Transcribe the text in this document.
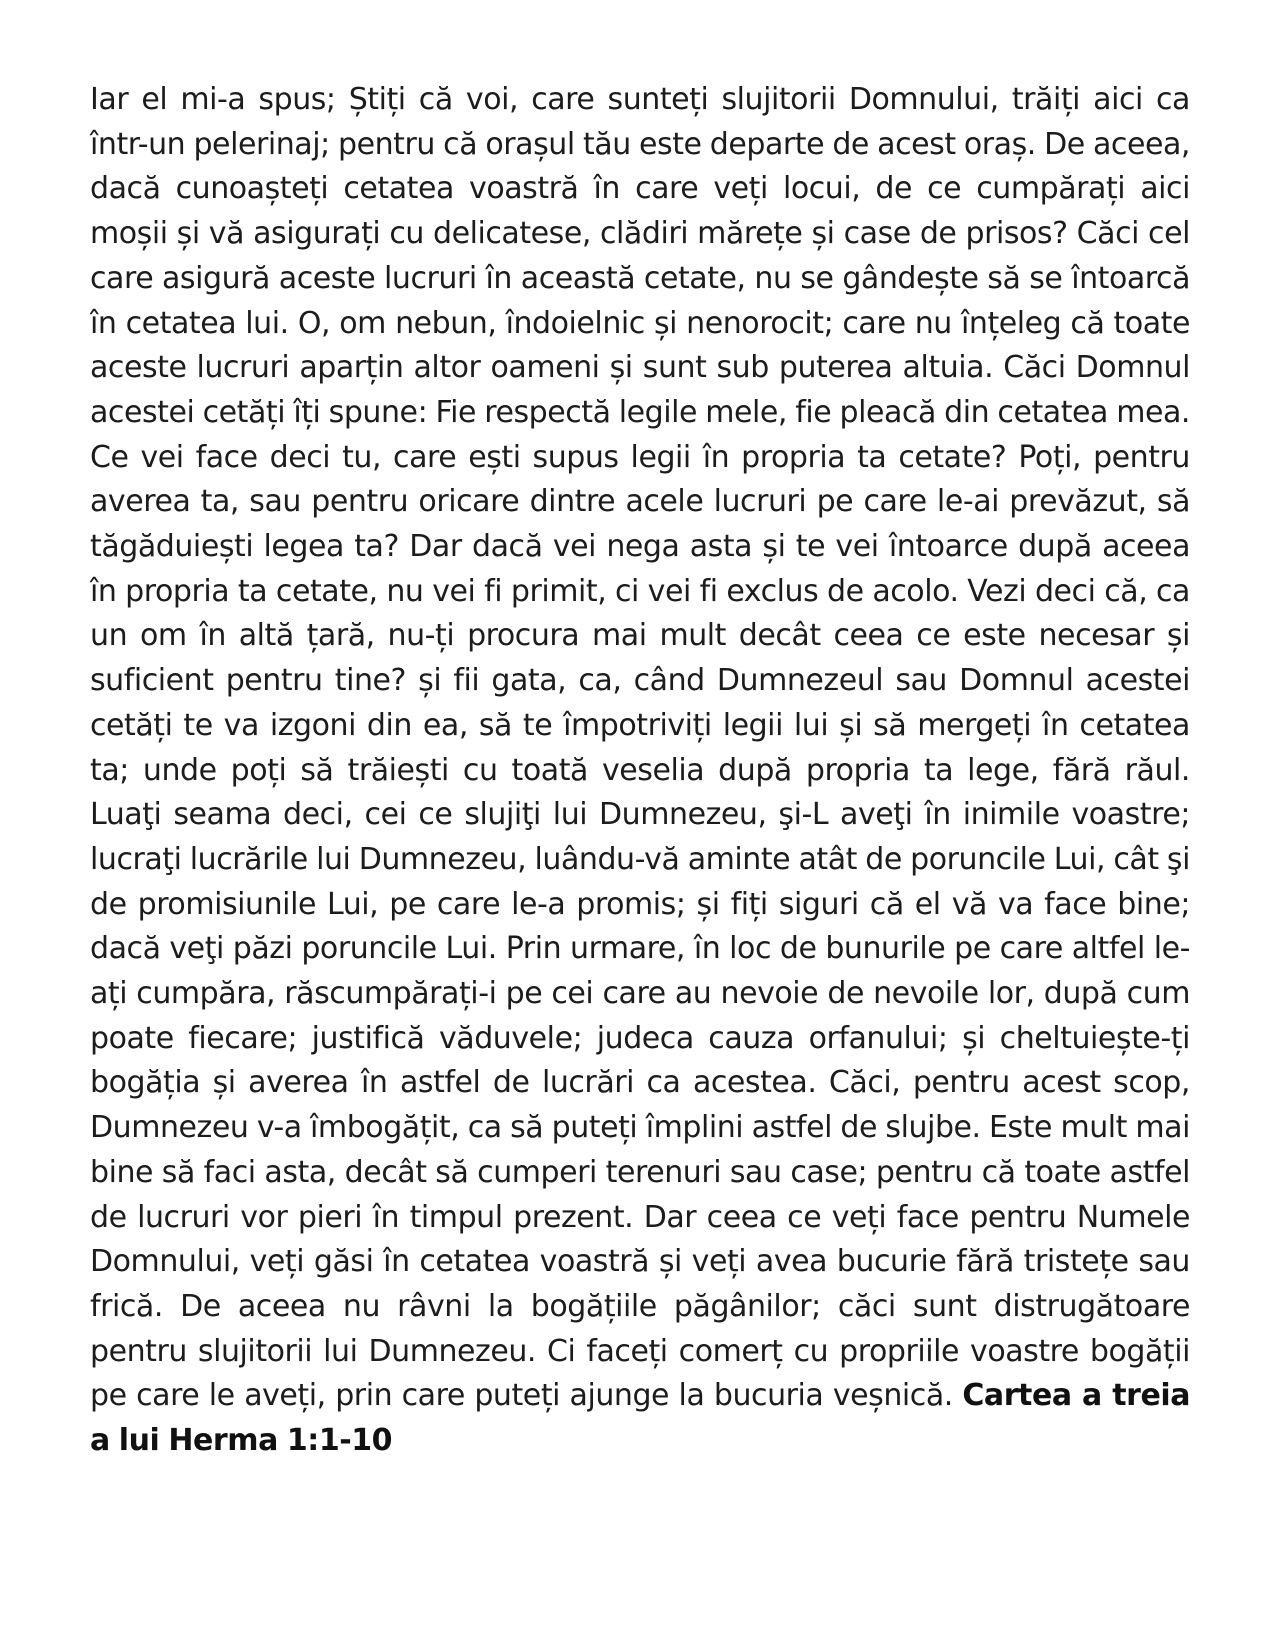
Iar el mi-a spus; Știți că voi, care sunteți slujitorii Domnului, trăiți aici ca într-un pelerinaj; pentru că orașul tău este departe de acest oraș. De aceea, dacă cunoașteți cetatea voastră în care veți locui, de ce cumpărați aici moșii și vă asigurați cu delicatese, clădiri mărețe și case de prisos? Căci cel care asigură aceste lucruri în această cetate, nu se gândește să se întoarcă în cetatea lui. O, om nebun, îndoielnic și nenorocit; care nu înțeleg că toate aceste lucruri aparțin altor oameni și sunt sub puterea altuia. Căci Domnul acestei cetăți îți spune: Fie respectă legile mele, fie pleacă din cetatea mea. Ce vei face deci tu, care ești supus legii în propria ta cetate? Poți, pentru averea ta, sau pentru oricare dintre acele lucruri pe care le-ai prevăzut, să tăgăduiești legea ta? Dar dacă vei nega asta și te vei întoarce după aceea în propria ta cetate, nu vei fi primit, ci vei fi exclus de acolo. Vezi deci că, ca un om în altă țară, nu-ți procura mai mult decât ceea ce este necesar și suficient pentru tine? și fii gata, ca, când Dumnezeul sau Domnul acestei cetăți te va izgoni din ea, să te împotriviți legii lui și să mergeți în cetatea ta; unde poți să trăiești cu toată veselia după propria ta lege, fără răul. Luaţi seama deci, cei ce slujiţi lui Dumnezeu, şi-L aveţi în inimile voastre; lucraţi lucrările lui Dumnezeu, luându-vă aminte atât de poruncile Lui, cât şi de promisiunile Lui, pe care le-a promis; și fiți siguri că el vă va face bine; dacă veţi păzi poruncile Lui. Prin urmare, în loc de bunurile pe care altfel le-ați cumpăra, răscumpărați-i pe cei care au nevoie de nevoile lor, după cum poate fiecare; justifică văduvele; judeca cauza orfanului; și cheltuiește-ți bogăția și averea în astfel de lucrări ca acestea. Căci, pentru acest scop, Dumnezeu v-a îmbogățit, ca să puteți împlini astfel de slujbe. Este mult mai bine să faci asta, decât să cumperi terenuri sau case; pentru că toate astfel de lucruri vor pieri în timpul prezent. Dar ceea ce veți face pentru Numele Domnului, veți găsi în cetatea voastră și veți avea bucurie fără tristețe sau frică. De aceea nu râvni la bogățiile păgânilor; căci sunt distrugătoare pentru slujitorii lui Dumnezeu. Ci faceți comerț cu propriile voastre bogății pe care le aveți, prin care puteți ajunge la bucuria veșnică. Cartea a treia a lui Herma 1:1-10
